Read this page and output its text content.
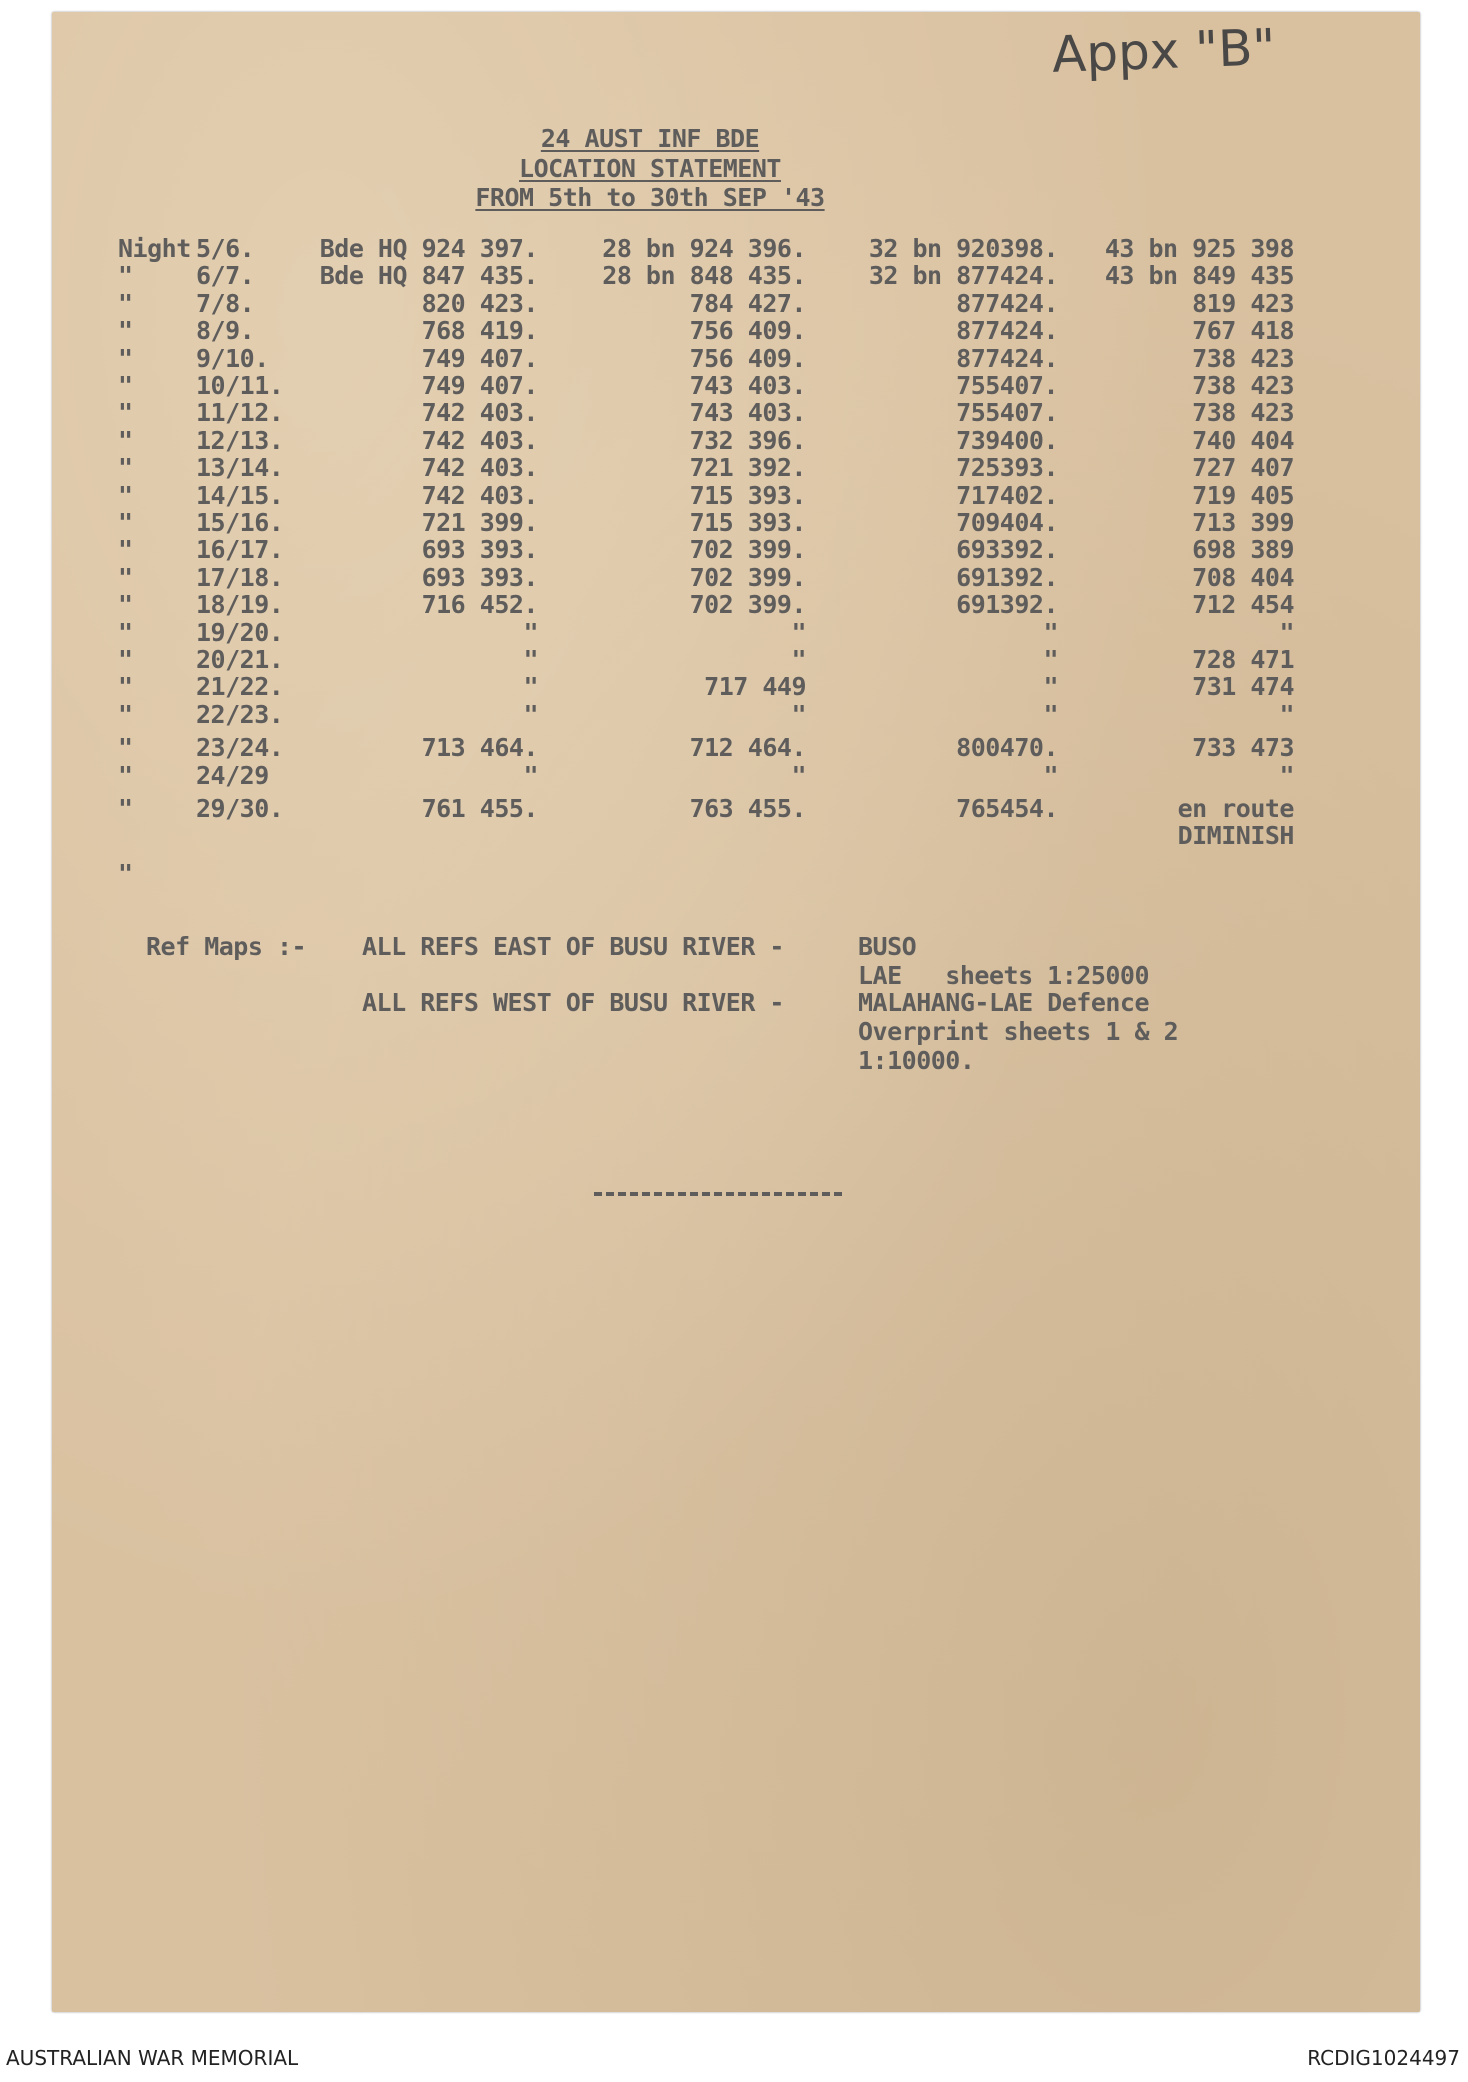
Appx "B"
24 AUST INF BDE
LOCATION STATEMENT
FROM 5th to 30th SEP '43
Night 5/6.	Bde HQ 924 397.	28 bn 924 396.	32 bn 920398. 43 bn 925 398
"	6/7.	Bde HQ 847 435.	28 bn 848 435.	32 bn 877424. 43 bn 849 435
"	7/8.	820 423.	784 427.	877424.	819 423
"	8/9.	768 419.	756 409.	877424.	767 418
"	9/10.	749 407.	756 409.	877424.	738 423
"	10/11.	749 407.	743 403.	755407.	738 423
"	11/12.	742 403.	743 403.	755407.	738 423
"	12/13.	742 403.	732 396.	739400.	740 404
"	13/14.	742 403.	721 392.	725393.	727 407
"	14/15.	742 403.	715 393.	717402.	719 405
"	15/16.	721 399.	715 393.	709404.	713 399
"	16/17.	693 393.	702 399.	693392.	698 389
"	17/18.	693 393.	702 399.	691392.	708 404
"	18/19.	716 452.	702 399.	691392.	712 454
"	19/20.	"	"	"	"
"	20/21.	"	"	"	728 471
"	21/22.	"	717 449	"	731 474
"	22/23.	"	"	"	"
"	23/24.	713 464.	712 464.	800470.	733 473
"	24/29	"	"	"	"
"	29/30.	761 455.	763 455.	765454.	en route
DIMINISH
"
Ref Maps :- ALL REFS EAST OF BUSU RIVER -	BUSO
LAE   sheets 1:25000
ALL REFS WEST OF BUSU RIVER -	MALAHANG-LAE Defence
Overprint sheets 1 & 2
1:10000.
AUSTRALIAN WAR MEMORIAL	RCDIG1024497
